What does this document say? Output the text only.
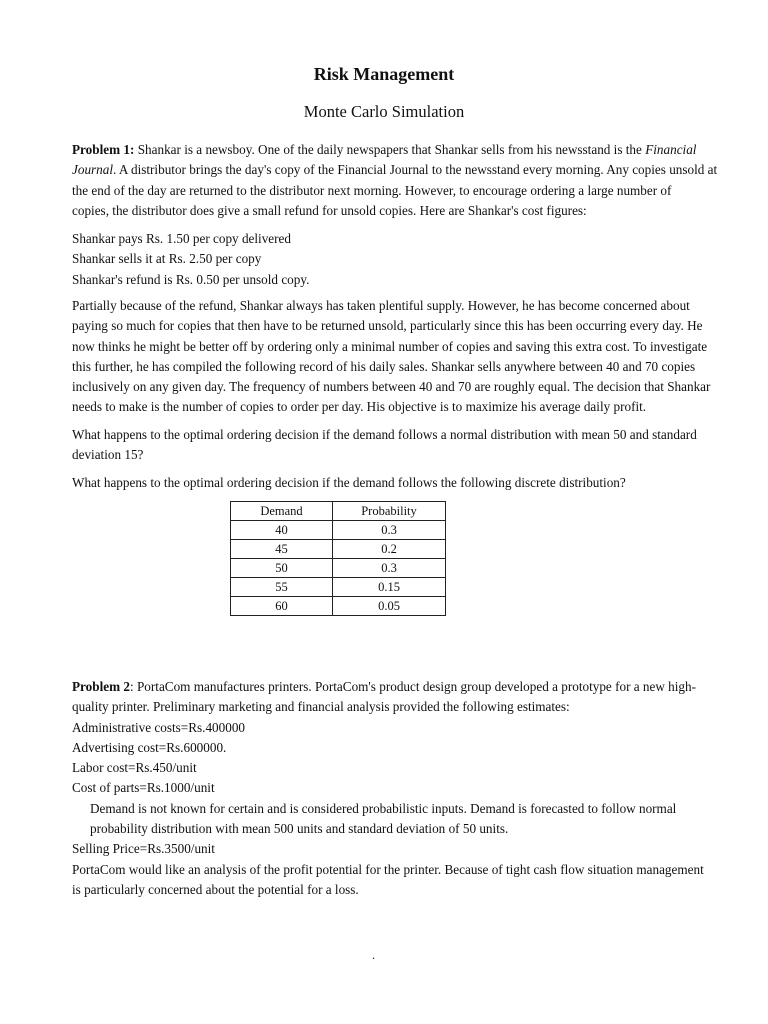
Risk Management
Monte Carlo Simulation
Problem 1: Shankar is a newsboy. One of the daily newspapers that Shankar sells from his newsstand is the Financial
Journal. A distributor brings the day's copy of the Financial Journal to the newsstand every morning. Any copies unsold at
the end of the day are returned to the distributor next morning. However, to encourage ordering a large number of
copies, the distributor does give a small refund for unsold copies. Here are Shankar's cost figures:
Shankar pays Rs. 1.50 per copy delivered
Shankar sells it at Rs. 2.50 per copy
Shankar's refund is Rs. 0.50 per unsold copy.
Partially because of the refund, Shankar always has taken plentiful supply. However, he has become concerned about
paying so much for copies that then have to be returned unsold, particularly since this has been occurring every day. He
now thinks he might be better off by ordering only a minimal number of copies and saving this extra cost. To investigate
this further, he has compiled the following record of his daily sales. Shankar sells anywhere between 40 and 70 copies
inclusively on any given day. The frequency of numbers between 40 and 70 are roughly equal. The decision that Shankar
needs to make is the number of copies to order per day. His objective is to maximize his average daily profit.
What happens to the optimal ordering decision if the demand follows a normal distribution with mean 50 and standard
deviation 15?
What happens to the optimal ordering decision if the demand follows the following discrete distribution?
Demand	Probability
40	0.3
45	0.2
50	0.3
55	0.15
60	0.05
Problem 2: PortaCom manufactures printers. PortaCom's product design group developed a prototype for a new high-
quality printer. Preliminary marketing and financial analysis provided the following estimates:
Administrative costs=Rs.400000
Advertising cost=Rs.600000.
Labor cost=Rs.450/unit
Cost of parts=Rs.1000/unit
Demand is not known for certain and is considered probabilistic inputs. Demand is forecasted to follow normal
probability distribution with mean 500 units and standard deviation of 50 units.
Selling Price=Rs.3500/unit
PortaCom would like an analysis of the profit potential for the printer. Because of tight cash flow situation management
is particularly concerned about the potential for a loss.
.
